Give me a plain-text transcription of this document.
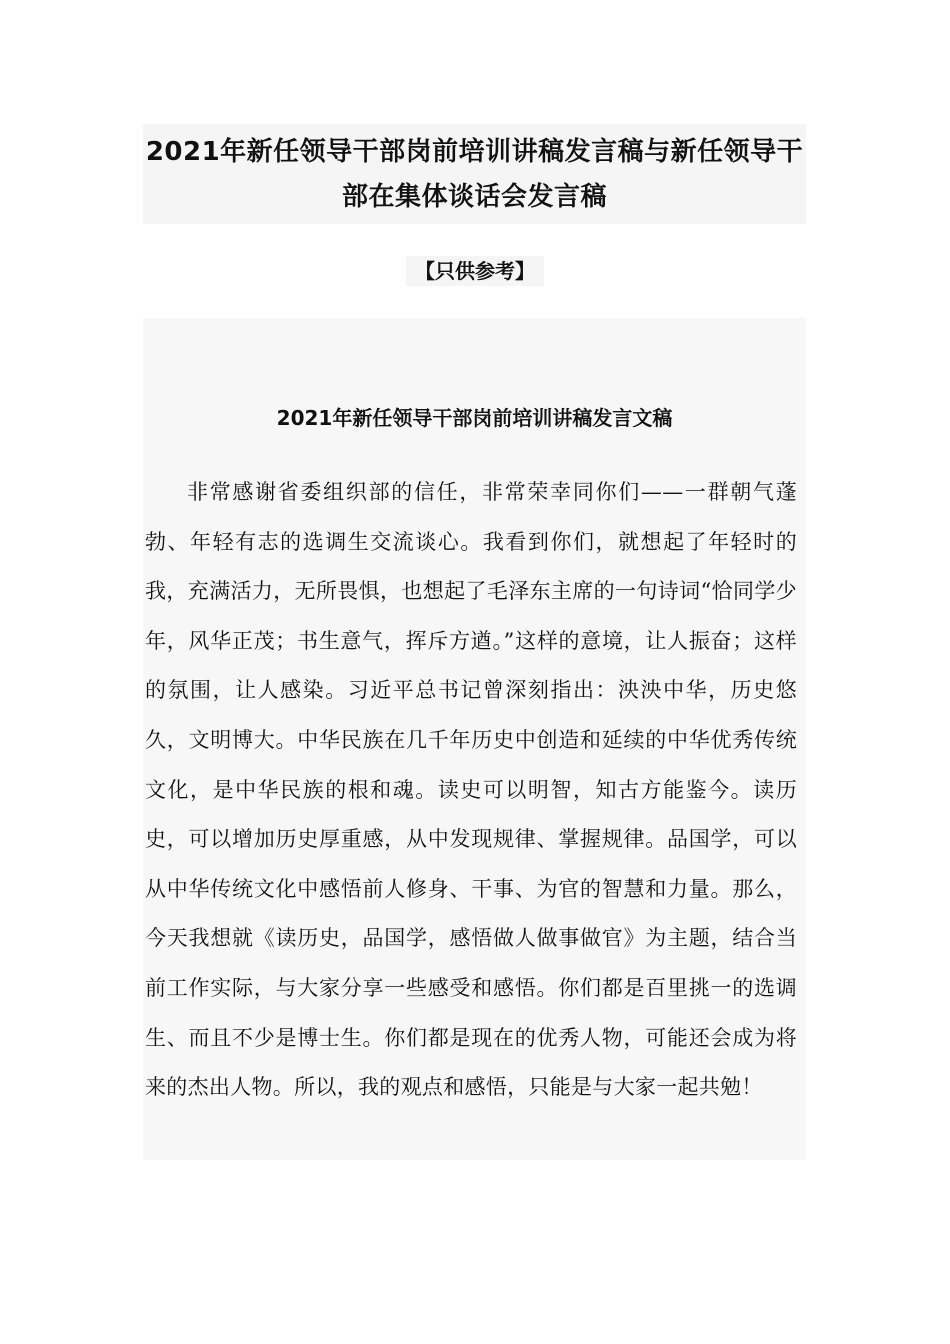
2021年新任领导干部岗前培训讲稿发言稿与新任领导干部在集体谈话会发言稿
【只供参考】
2021年新任领导干部岗前培训讲稿发言文稿

非常感谢省委组织部的信任，非常荣幸同你们——一群朝气蓬勃、年轻有志的选调生交流谈心。我看到你们，就想起了年轻时的我，充满活力，无所畏惧，也想起了毛泽东主席的一句诗词“恰同学少年，风华正茂；书生意气，挥斥方遒。”这样的意境，让人振奋；这样的氛围，让人感染。习近平总书记曾深刻指出：泱泱中华，历史悠久，文明博大。中华民族在几千年历史中创造和延续的中华优秀传统文化，是中华民族的根和魂。读史可以明智，知古方能鉴今。读历史，可以增加历史厚重感，从中发现规律、掌握规律。品国学，可以从中华传统文化中感悟前人修身、干事、为官的智慧和力量。那么，今天我想就《读历史，品国学，感悟做人做事做官》为主题，结合当前工作实际，与大家分享一些感受和感悟。你们都是百里挑一的选调生、而且不少是博士生。你们都是现在的优秀人物，可能还会成为将来的杰出人物。所以，我的观点和感悟，只能是与大家一起共勉！
